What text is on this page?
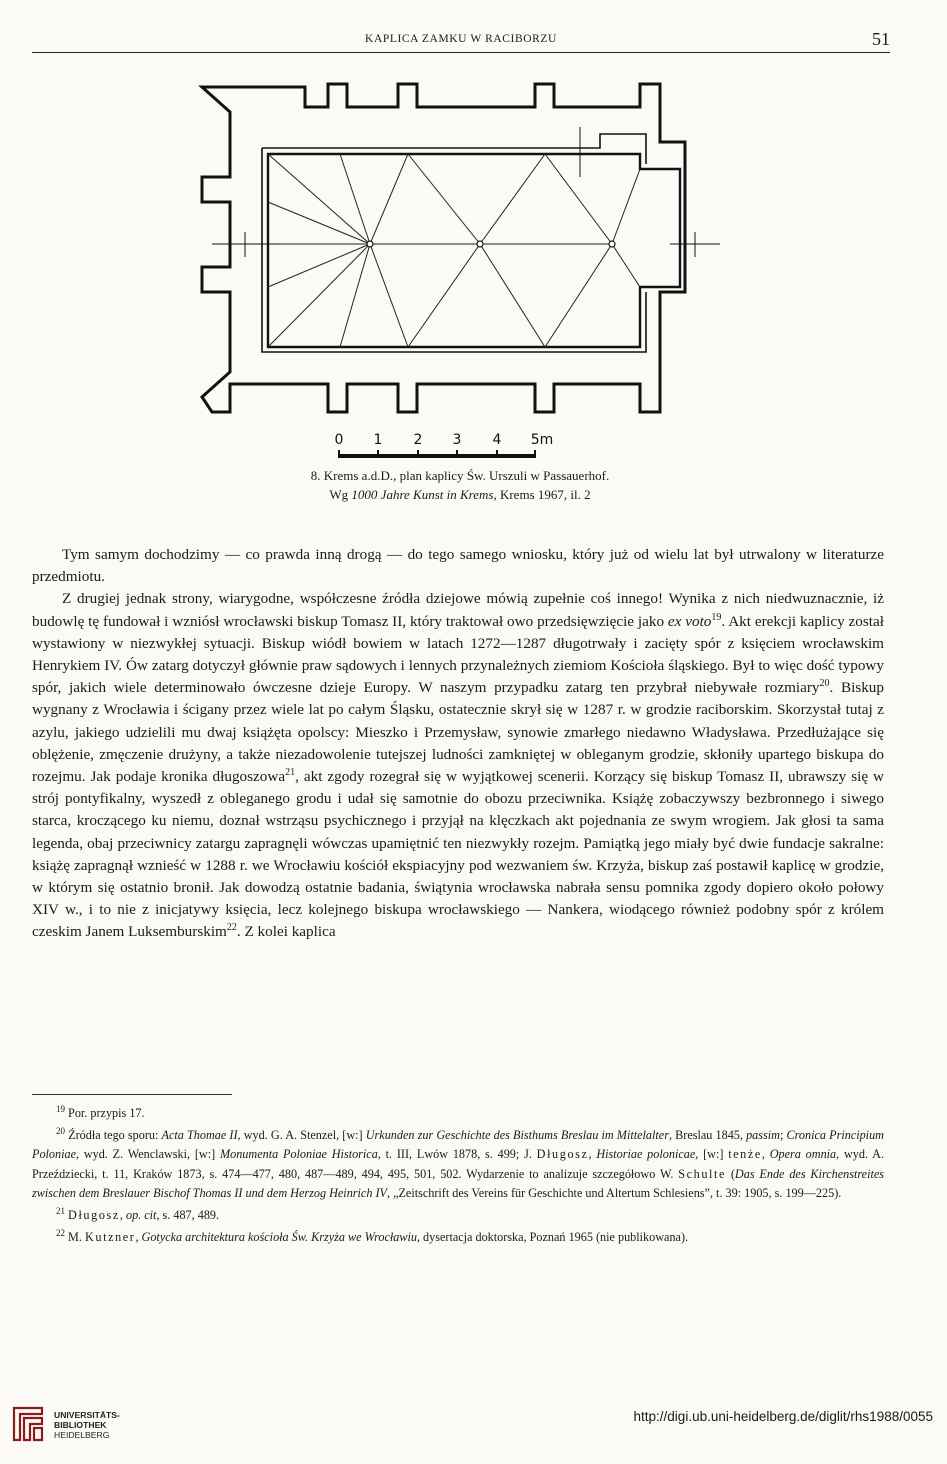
KAPLICA ZAMKU W RACIBORZU	51
0 1 2 3 4 5m
8. Krems a.d.D., plan kaplicy Św. Urszuli w Passauerhof.
Wg 1000 Jahre Kunst in Krems, Krems 1967, il. 2

Tym samym dochodzimy — co prawda inną drogą — do tego samego wniosku, który już od wielu lat był utrwalony w literaturze przedmiotu.

Z drugiej jednak strony, wiarygodne, współczesne źródła dziejowe mówią zupełnie coś innego! Wynika z nich niedwuznacznie, iż budowlę tę fundował i wzniósł wrocławski biskup Tomasz II, który traktował owo przedsięwzięcie jako ex voto$^{19}$. Akt erekcji kaplicy został wystawiony w niezwykłej sytuacji. Biskup wiódł bowiem w latach 1272—1287 długotrwały i zacięty spór z księciem wrocławskim Henrykiem IV. Ów zatarg dotyczył głównie praw sądowych i lennych przynależnych ziemiom Kościoła śląskiego. Był to więc dość typowy spór, jakich wiele determinowało ówczesne dzieje Europy. W naszym przypadku zatarg ten przybrał niebywałe rozmiary$^{20}$. Biskup wygnany z Wrocławia i ścigany przez wiele lat po całym Śląsku, ostatecznie skrył się w 1287 r. w grodzie raciborskim. Skorzystał tutaj z azylu, jakiego udzielili mu dwaj książęta opolscy: Mieszko i Przemysław, synowie zmarłego niedawno Władysława. Przedłużające się oblężenie, zmęczenie drużyny, a także niezadowolenie tutejszej ludności zamkniętej w obleganym grodzie, skłoniły upartego biskupa do rozejmu. Jak podaje kronika długoszowa$^{21}$, akt zgody rozegrał się w wyjątkowej scenerii. Korzący się biskup Tomasz II, ubrawszy się w strój pontyfikalny, wyszedł z obleganego grodu i udał się samotnie do obozu przeciwnika. Książę zobaczywszy bezbronnego i siwego starca, kroczącego ku niemu, doznał wstrząsu psychicznego i przyjął na klęczkach akt pojednania ze swym wrogiem. Jak głosi ta sama legenda, obaj przeciwnicy zatargu zapragnęli wówczas upamiętnić ten niezwykły rozejm. Pamiątką jego miały być dwie fundacje sakralne: książę zapragnął wznieść w 1288 r. we Wrocławiu kościół ekspiacyjny pod wezwaniem św. Krzyża, biskup zaś postawił kaplicę w grodzie, w którym się ostatnio bronił. Jak dowodzą ostatnie badania, świątynia wrocławska nabrała sensu pomnika zgody dopiero około połowy XIV w., i to nie z inicjatywy księcia, lecz kolejnego biskupa wrocławskiego — Nankera, wiodącego również podobny spór z królem czeskim Janem Luksemburskim$^{22}$. Z kolei kaplica

$^{19}$ Por. przypis 17.

$^{20}$ Źródła tego sporu: Acta Thomae II, wyd. G. A. Stenzel, [w:] Urkunden zur Geschichte des Bisthums Breslau im Mittelalter, Breslau 1845, passim; Cronica Principium Poloniae, wyd. Z. Wenclawski, [w:] Monumenta Poloniae Historica, t. III, Lwów 1878, s. 499; J. Długosz, Historiae polonicae, [w:] tenże, Opera omnia, wyd. A. Przeździecki, t. 11, Kraków 1873, s. 474—477, 480, 487—489, 494, 495, 501, 502. Wydarzenie to analizuje szczegółowo W. Schulte (Das Ende des Kirchenstreites zwischen dem Breslauer Bischof Thomas II und dem Herzog Heinrich IV, „Zeitschrift des Vereins für Geschichte und Altertum Schlesiens”, t. 39: 1905, s. 199—225).

$^{21}$ Długosz, op. cit, s. 487, 489.

$^{22}$ M. Kutzner, Gotycka architektura kościoła Św. Krzyża we Wrocławiu, dysertacja doktorska, Poznań 1965 (nie publikowana).

UNIVERSITÄTS-
BIBLIOTHEK
HEIDELBERG
http://digi.ub.uni-heidelberg.de/diglit/rhs1988/0055
